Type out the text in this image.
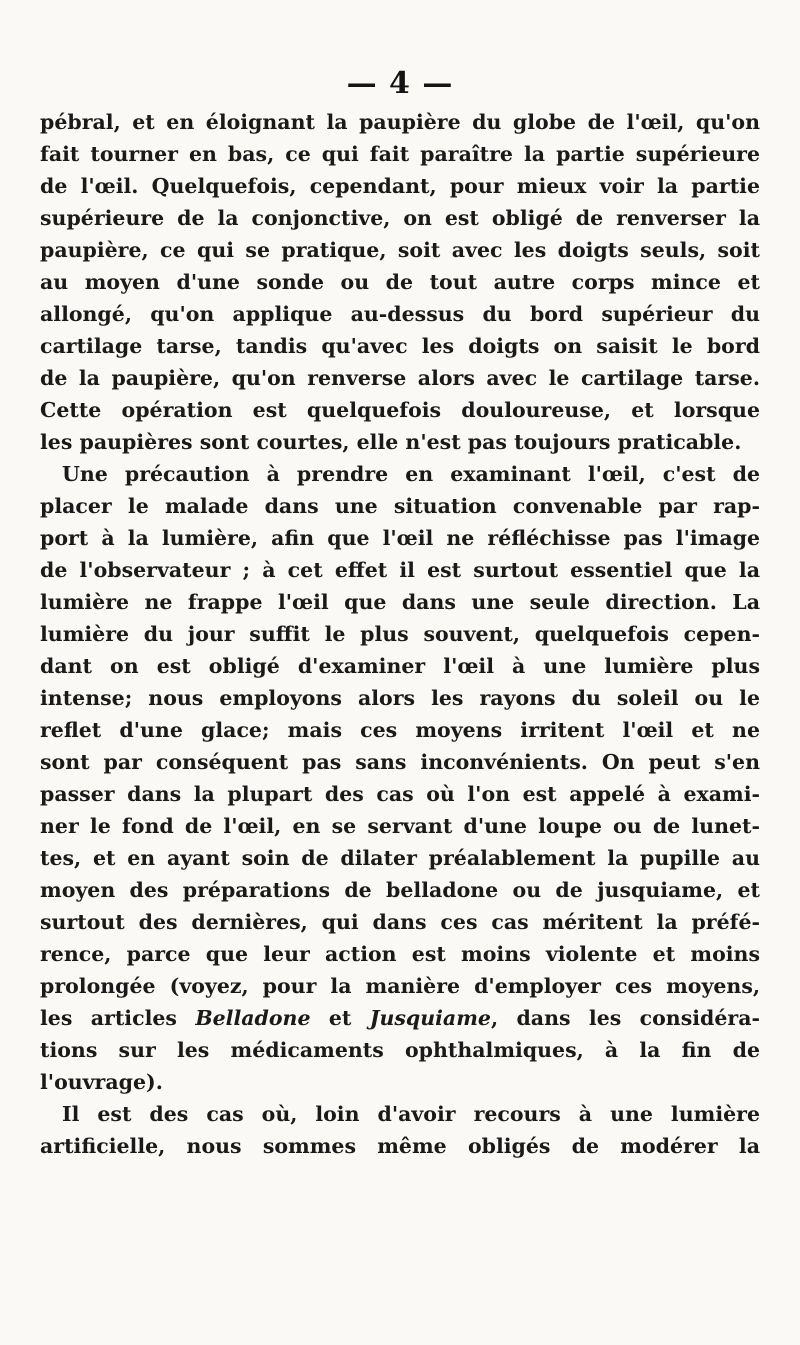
— 4 —
pébral, et en éloignant la paupière du globe de l'œil, qu'on
fait tourner en bas, ce qui fait paraître la partie supérieure
de l'œil. Quelquefois, cependant, pour mieux voir la partie
supérieure de la conjonctive, on est obligé de renverser la
paupière, ce qui se pratique, soit avec les doigts seuls, soit
au moyen d'une sonde ou de tout autre corps mince et
allongé, qu'on applique au-dessus du bord supérieur du
cartilage tarse, tandis qu'avec les doigts on saisit le bord
de la paupière, qu'on renverse alors avec le cartilage tarse.
Cette opération est quelquefois douloureuse, et lorsque
les paupières sont courtes, elle n'est pas toujours praticable.
Une précaution à prendre en examinant l'œil, c'est de
placer le malade dans une situation convenable par rap-
port à la lumière, afin que l'œil ne réfléchisse pas l'image
de l'observateur ; à cet effet il est surtout essentiel que la
lumière ne frappe l'œil que dans une seule direction. La
lumière du jour suffit le plus souvent, quelquefois cepen-
dant on est obligé d'examiner l'œil à une lumière plus
intense; nous employons alors les rayons du soleil ou le
reflet d'une glace; mais ces moyens irritent l'œil et ne
sont par conséquent pas sans inconvénients. On peut s'en
passer dans la plupart des cas où l'on est appelé à exami-
ner le fond de l'œil, en se servant d'une loupe ou de lunet-
tes, et en ayant soin de dilater préalablement la pupille au
moyen des préparations de belladone ou de jusquiame, et
surtout des dernières, qui dans ces cas méritent la préfé-
rence, parce que leur action est moins violente et moins
prolongée (voyez, pour la manière d'employer ces moyens,
les articles Belladone et Jusquiame, dans les considéra-
tions sur les médicaments ophthalmiques, à la fin de
l'ouvrage).
Il est des cas où, loin d'avoir recours à une lumière
artificielle, nous sommes même obligés de modérer la
